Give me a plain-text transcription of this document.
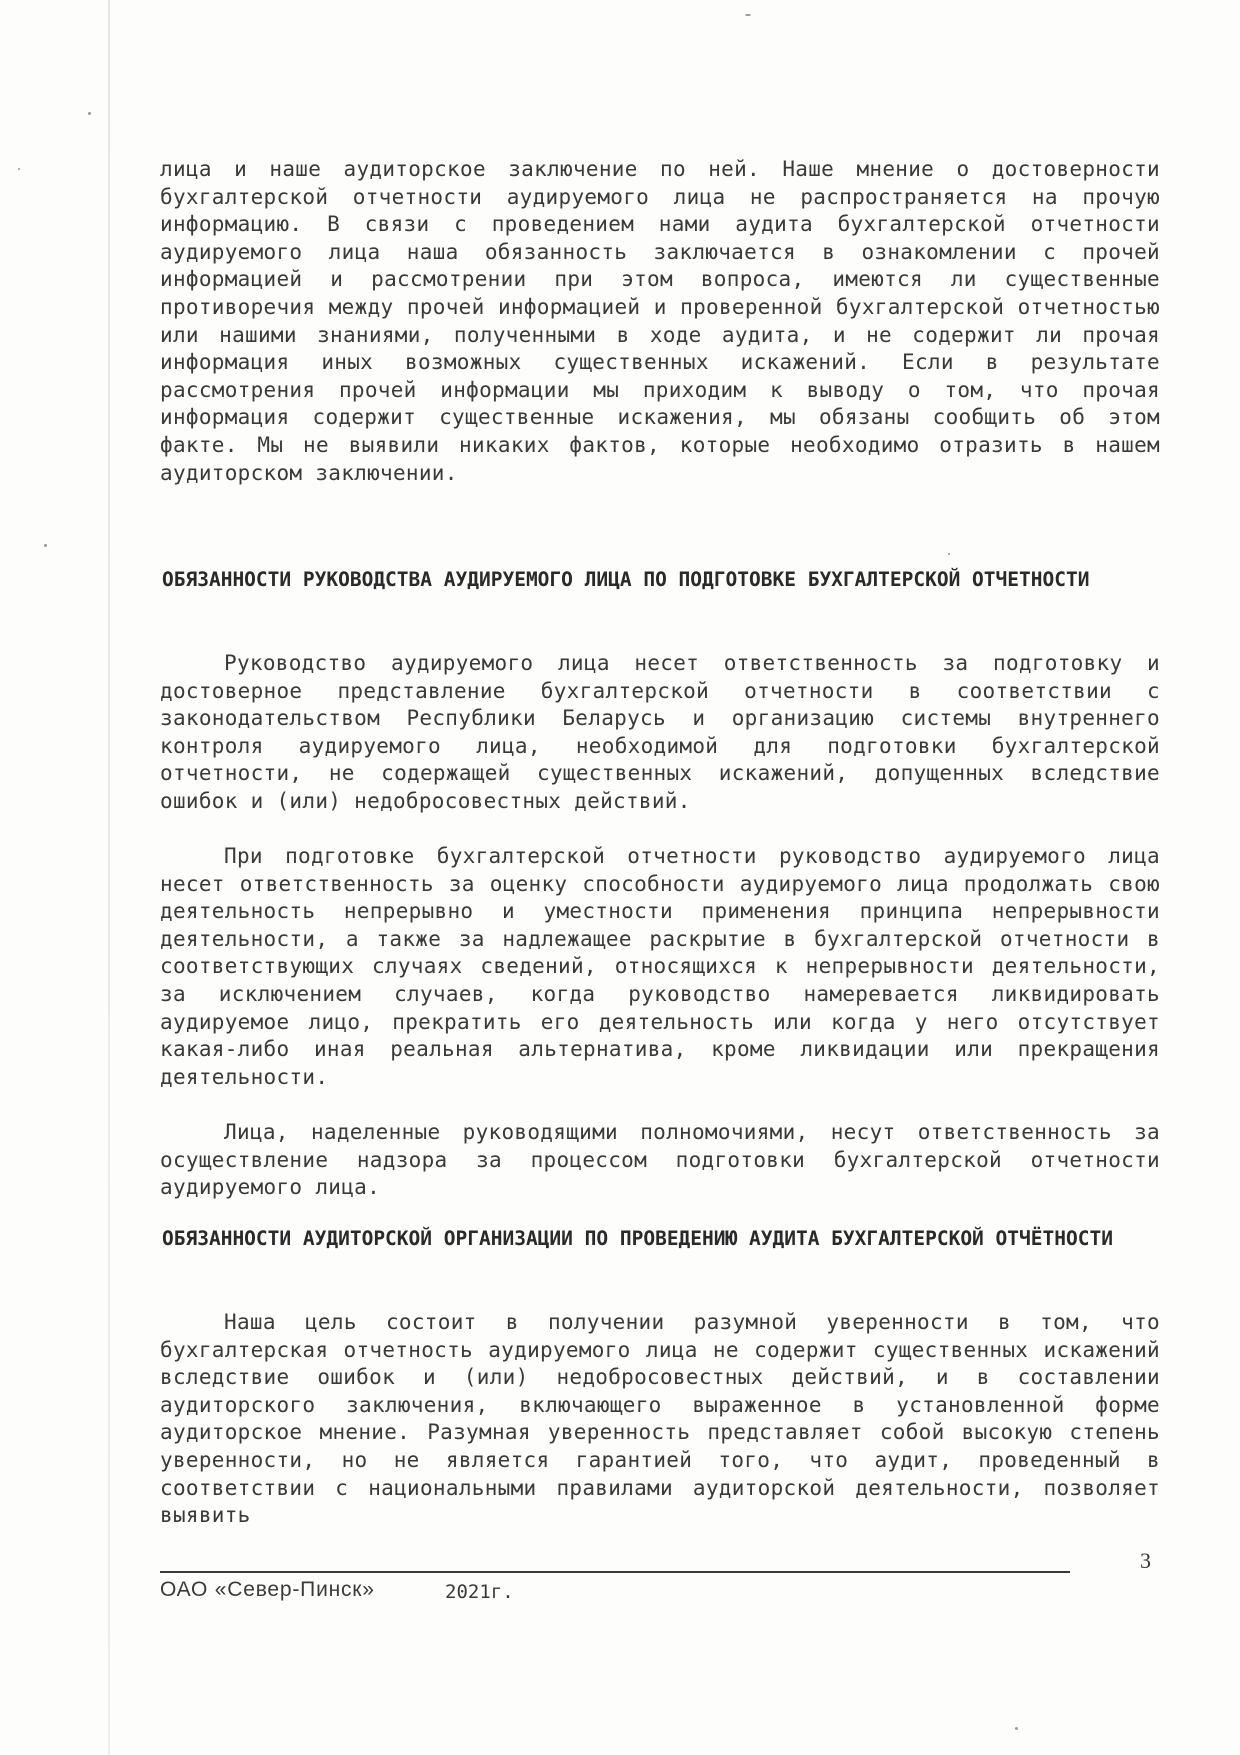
лица и наше аудиторское заключение по ней. Наше мнение о достоверности бухгалтерской отчетности аудируемого лица не распространяется на прочую информацию. В связи с проведением нами аудита бухгалтерской отчетности аудируемого лица наша обязанность заключается в ознакомлении с прочей информацией и рассмотрении при этом вопроса, имеются ли существенные противоречия между прочей информацией и проверенной бухгалтерской отчетностью или нашими знаниями, полученными в ходе аудита, и не содержит ли прочая информация иных возможных существенных искажений. Если в результате рассмотрения прочей информации мы приходим к выводу о том, что прочая информация содержит существенные искажения, мы обязаны сообщить об этом факте. Мы не выявили никаких фактов, которые необходимо отразить в нашем аудиторском заключении.

ОБЯЗАННОСТИ РУКОВОДСТВА АУДИРУЕМОГО ЛИЦА ПО ПОДГОТОВКЕ БУХГАЛТЕРСКОЙ ОТЧЕТНОСТИ

Руководство аудируемого лица несет ответственность за подготовку и достоверное представление бухгалтерской отчетности в соответствии с законодательством Республики Беларусь и организацию системы внутреннего контроля аудируемого лица, необходимой для подготовки бухгалтерской отчетности, не содержащей существенных искажений, допущенных вследствие ошибок и (или) недобросовестных действий.

При подготовке бухгалтерской отчетности руководство аудируемого лица несет ответственность за оценку способности аудируемого лица продолжать свою деятельность непрерывно и уместности применения принципа непрерывности деятельности, а также за надлежащее раскрытие в бухгалтерской отчетности в соответствующих случаях сведений, относящихся к непрерывности деятельности, за исключением случаев, когда руководство намеревается ликвидировать аудируемое лицо, прекратить его деятельность или когда у него отсутствует какая-либо иная реальная альтернатива, кроме ликвидации или прекращения деятельности.

Лица, наделенные руководящими полномочиями, несут ответственность за осуществление надзора за процессом подготовки бухгалтерской отчетности аудируемого лица.

ОБЯЗАННОСТИ АУДИТОРСКОЙ ОРГАНИЗАЦИИ ПО ПРОВЕДЕНИЮ АУДИТА БУХГАЛТЕРСКОЙ ОТЧЁТНОСТИ

Наша цель состоит в получении разумной уверенности в том, что бухгалтерская отчетность аудируемого лица не содержит существенных искажений вследствие ошибок и (или) недобросовестных действий, и в составлении аудиторского заключения, включающего выраженное в установленной форме аудиторское мнение. Разумная уверенность представляет собой высокую степень уверенности, но не является гарантией того, что аудит, проведенный в соответствии с национальными правилами аудиторской деятельности, позволяет выявить

3
ОАО «Север-Пинск»	2021г.
